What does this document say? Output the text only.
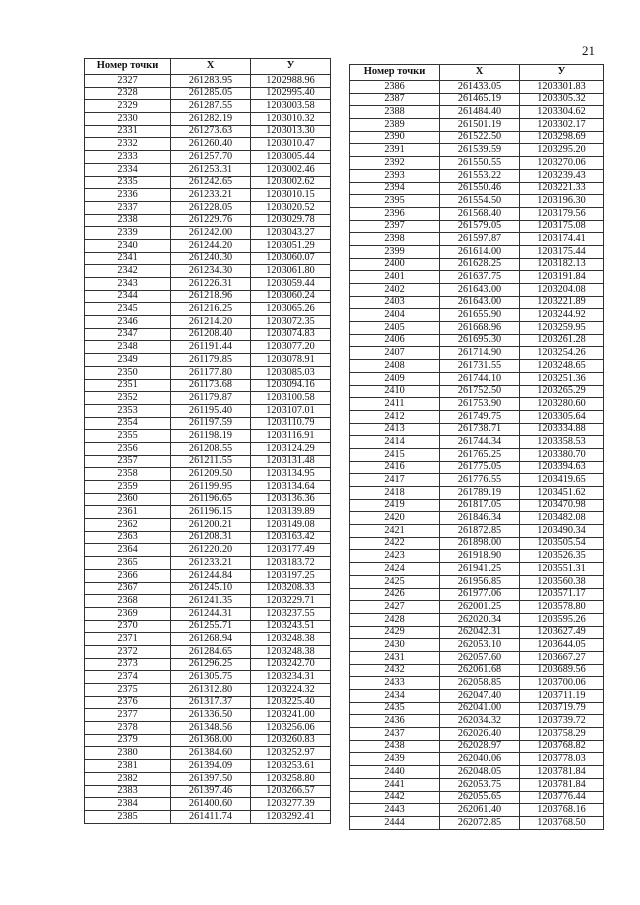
21
Номер точки	X	У
2327	261283.95	1202988.96
2328	261285.05	1202995.40
2329	261287.55	1203003.58
2330	261282.19	1203010.32
2331	261273.63	1203013.30
2332	261260.40	1203010.47
2333	261257.70	1203005.44
2334	261253.31	1203002.46
2335	261242.65	1203002.62
2336	261233.21	1203010.15
2337	261228.05	1203020.52
2338	261229.76	1203029.78
2339	261242.00	1203043.27
2340	261244.20	1203051.29
2341	261240.30	1203060.07
2342	261234.30	1203061.80
2343	261226.31	1203059.44
2344	261218.96	1203060.24
2345	261216.25	1203065.26
2346	261214.20	1203072.35
2347	261208.40	1203074.83
2348	261191.44	1203077.20
2349	261179.85	1203078.91
2350	261177.80	1203085.03
2351	261173.68	1203094.16
2352	261179.87	1203100.58
2353	261195.40	1203107.01
2354	261197.59	1203110.79
2355	261198.19	1203116.91
2356	261208.55	1203124.29
2357	261211.55	1203131.48
2358	261209.50	1203134.95
2359	261199.95	1203134.64
2360	261196.65	1203136.36
2361	261196.15	1203139.89
2362	261200.21	1203149.08
2363	261208.31	1203163.42
2364	261220.20	1203177.49
2365	261233.21	1203183.72
2366	261244.84	1203197.25
2367	261245.10	1203208.33
2368	261241.35	1203229.71
2369	261244.31	1203237.55
2370	261255.71	1203243.51
2371	261268.94	1203248.38
2372	261284.65	1203248.38
2373	261296.25	1203242.70
2374	261305.75	1203234.31
2375	261312.80	1203224.32
2376	261317.37	1203225.40
2377	261336.50	1203241.00
2378	261348.56	1203256.06
2379	261368.00	1203260.83
2380	261384.60	1203252.97
2381	261394.09	1203253.61
2382	261397.50	1203258.80
2383	261397.46	1203266.57
2384	261400.60	1203277.39
2385	261411.74	1203292.41
Номер точки	X	У
2386	261433.05	1203301.83
2387	261465.19	1203305.32
2388	261484.40	1203304.62
2389	261501.19	1203302.17
2390	261522.50	1203298.69
2391	261539.59	1203295.20
2392	261550.55	1203270.06
2393	261553.22	1203239.43
2394	261550.46	1203221.33
2395	261554.50	1203196.30
2396	261568.40	1203179.56
2397	261579.05	1203175.08
2398	261597.87	1203174.41
2399	261614.00	1203175.44
2400	261628.25	1203182.13
2401	261637.75	1203191.84
2402	261643.00	1203204.08
2403	261643.00	1203221.89
2404	261655.90	1203244.92
2405	261668.96	1203259.95
2406	261695.30	1203261.28
2407	261714.90	1203254.26
2408	261731.55	1203248.65
2409	261744.10	1203251.36
2410	261752.50	1203265.29
2411	261753.90	1203280.60
2412	261749.75	1203305.64
2413	261738.71	1203334.88
2414	261744.34	1203358.53
2415	261765.25	1203380.70
2416	261775.05	1203394.63
2417	261776.55	1203419.65
2418	261789.19	1203451.62
2419	261817.05	1203470.98
2420	261846.34	1203482.08
2421	261872.85	1203490.34
2422	261898.00	1203505.54
2423	261918.90	1203526.35
2424	261941.25	1203551.31
2425	261956.85	1203560.38
2426	261977.06	1203571.17
2427	262001.25	1203578.80
2428	262020.34	1203595.26
2429	262042.31	1203627.49
2430	262053.10	1203644.05
2431	262057.60	1203667.27
2432	262061.68	1203689.56
2433	262058.85	1203700.06
2434	262047.40	1203711.19
2435	262041.00	1203719.79
2436	262034.32	1203739.72
2437	262026.40	1203758.29
2438	262028.97	1203768.82
2439	262040.06	1203778.03
2440	262048.05	1203781.84
2441	262053.75	1203781.84
2442	262055.65	1203776.44
2443	262061.40	1203768.16
2444	262072.85	1203768.50
